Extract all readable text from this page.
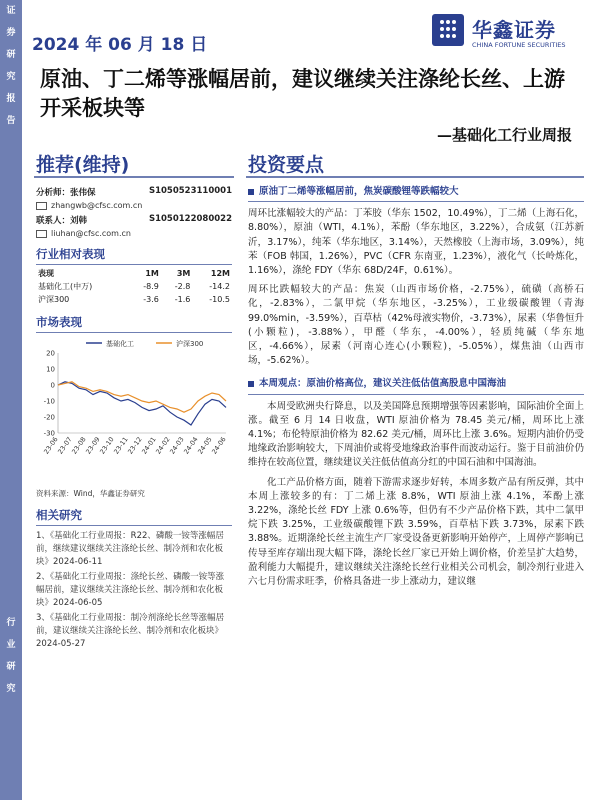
证
券
研
究
报
告
行
业
研
究
2024 年 06 月 18 日
华鑫证券
CHINA FORTUNE SECURITIES
原油、丁二烯等涨幅居前，建议继续关注涤纶长丝、上游开采板块等
—基础化工行业周报
推荐(维持)	投资要点
分析师：张伟保	S1050523110001
zhangwb@cfsc.com.cn
联系人：刘韩	S1050122080022
liuhan@cfsc.com.cn
行业相对表现
表现	1M	3M	12M
基础化工(中万)	-8.9	-2.8	-14.2
沪深300	-3.6	-1.6	-10.5
市场表现
基础化工	沪深300
20
10
0
-10
-20
-30
23-06
23-07
23-08
23-09
23-10
23-11
23-12
24-01
24-02
24-03
24-04
24-05
24-06
资料来源：Wind，华鑫证券研究
相关研究
1、《基础化工行业周报：R22、磷酸一铵等涨幅居前，继续建议继续关注涤纶长丝、制冷剂和农化板块》2024-06-11
2、《基础化工行业周报：涤纶长丝、磷酸一铵等涨幅居前，建议继续关注涤纶长丝、制冷剂和农化板块》2024-06-05
3、《基础化工行业周报：制冷剂涤纶长丝等涨幅居前，建议继续关注涤纶长丝、制冷剂和农化板块》2024-05-27
原油丁二烯等涨幅居前，焦炭碳酸锂等跌幅较大

周环比涨幅较大的产品：丁苯胶（华东 1502，10.49%），丁二烯（上海石化，8.80%），原油（WTI，4.1%），苯酚（华东地区，3.22%），合成氨（江苏新沂，3.17%），纯苯（华东地区，3.14%），天然橡胶（上海市场，3.09%），纯苯（FOB 韩国，1.26%），PVC（CFR 东南亚，1.23%），液化气（长岭炼化，1.16%），涤纶 FDY（华东 68D/24F，0.61%）。

周环比跌幅较大的产品：焦炭（山西市场价格，-2.75%），硫磺（高桥石化，-2.83%），二氯甲烷（华东地区，-3.25%），工业级碳酸锂（青海 99.0%min，-3.59%），百草枯（42%母液实物价，-3.73%），尿素（华鲁恒升(小颗粒)，-3.88%），甲醛（华东，-4.00%），轻质纯碱（华东地区，-4.66%），尿素（河南心连心(小颗粒)，-5.05%），煤焦油（山西市场，-5.62%）。

本周观点：原油价格高位，建议关注低估值高股息中国海油

本周受欧洲央行降息，以及美国降息预期增强等因素影响，国际油价全面上涨。截至 6 月 14 日收盘，WTI 原油价格为 78.45 美元/桶，周环比上涨 4.1%；布伦特原油价格为 82.62 美元/桶，周环比上涨 3.6%。短期内油价仍受地缘政治影响较大，下周油价或将受地缘政治事件而波动运行。鉴于目前油价仍维持在较高位置，继续建议关注低估值高分红的中国石油和中国海油。

化工产品价格方面，随着下游需求逐步好转，本周多数产品有所反弹，其中本周上涨较多的有：丁二烯上涨 8.8%，WTI 原油上涨 4.1%，苯酚上涨 3.22%，涤纶长丝 FDY 上涨 0.6%等，但仍有不少产品价格下跌，其中二氯甲烷下跌 3.25%，工业级碳酸锂下跌 3.59%，百草枯下跌 3.73%，尿素下跌 3.88%。近期涤纶长丝主流生产厂家受设备更新影响开始停产，上周停产影响已传导至库存端出现大幅下降，涤纶长丝厂家已开始上调价格，价差呈扩大趋势，盈利能力大幅提升，建议继续关注涤纶长丝行业相关公司机会，制冷剂行业进入六七月份需求旺季，价格具备进一步上涨动力，建议继
